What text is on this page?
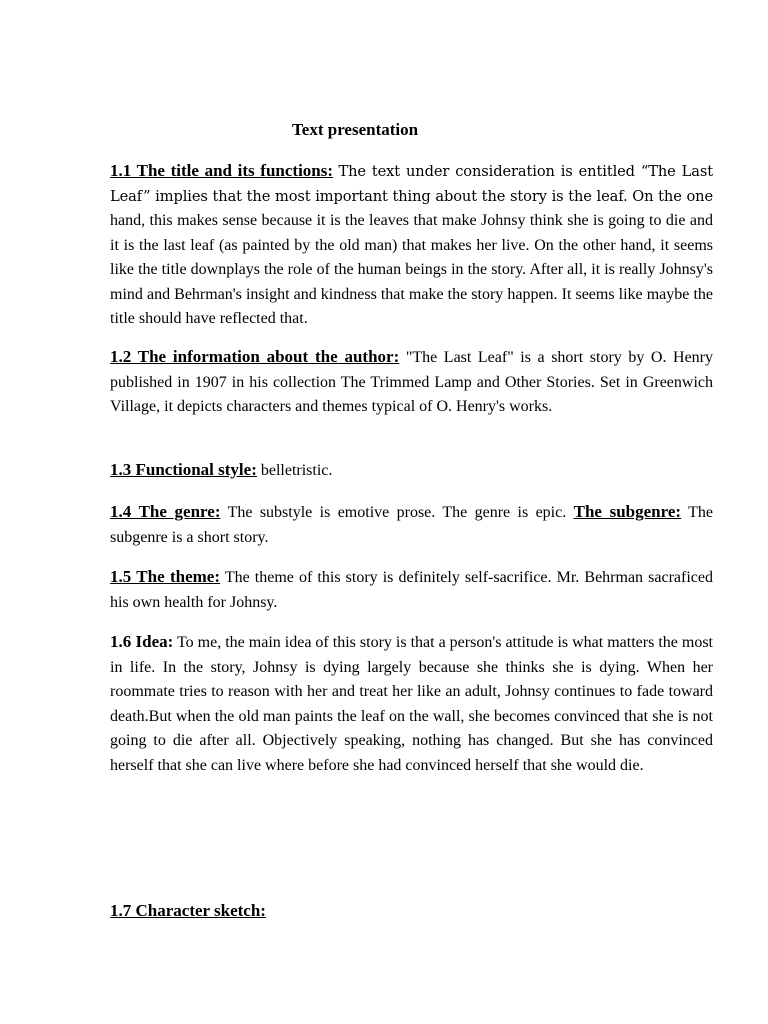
Text presentation

1.1 The title and its functions: The text under consideration is entitled “The Last Leaf” implies that the most important thing about the story is the leaf. On the one hand, this makes sense because it is the leaves that make Johnsy think she is going to die and it is the last leaf (as painted by the old man) that makes her live. On the other hand, it seems like the title downplays the role of the human beings in the story. After all, it is really Johnsy's mind and Behrman's insight and kindness that make the story happen. It seems like maybe the title should have reflected that.

1.2 The information about the author: "The Last Leaf" is a short story by O. Henry published in 1907 in his collection The Trimmed Lamp and Other Stories. Set in Greenwich Village, it depicts characters and themes typical of O. Henry's works.

1.3 Functional style: belletristic.

1.4 The genre: The substyle is emotive prose. The genre is epic. The subgenre: The subgenre is a short story.

1.5 The theme: The theme of this story is definitely self-sacrifice. Mr. Behrman sacraficed his own health for Johnsy.

1.6 Idea: To me, the main idea of this story is that a person's attitude is what matters the most in life. In the story, Johnsy is dying largely because she thinks she is dying. When her roommate tries to reason with her and treat her like an adult, Johnsy continues to fade toward death.But when the old man paints the leaf on the wall, she becomes convinced that she is not going to die after all. Objectively speaking, nothing has changed. But she has convinced herself that she can live where before she had convinced herself that she would die.

1.7 Character sketch:
